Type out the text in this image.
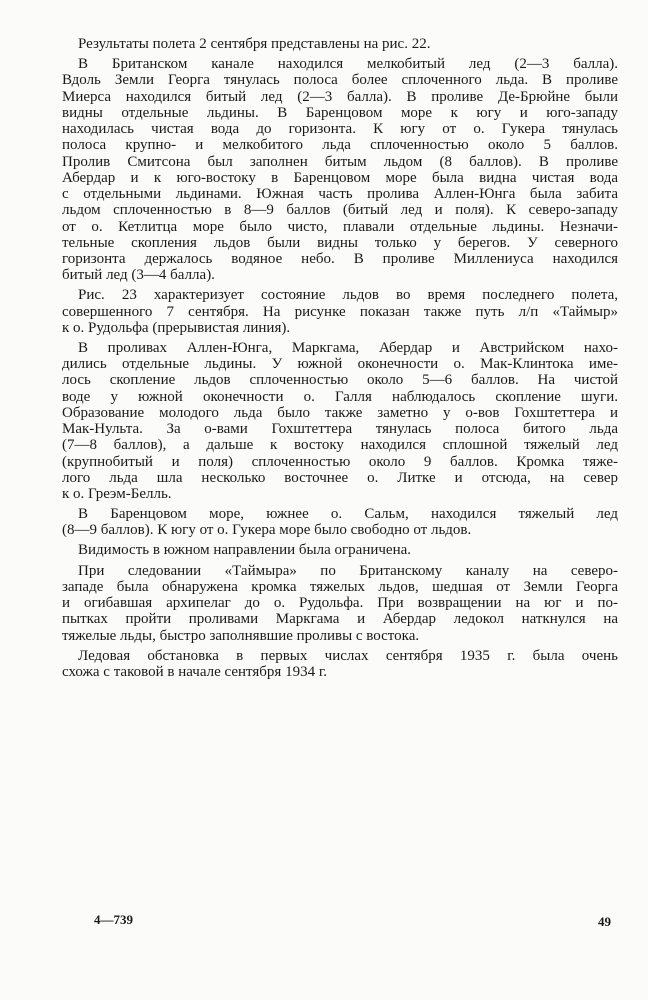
Результаты полета 2 сентября представлены на рис. 22.
В Британском канале находился мелкобитый лед (2—3 балла).
Вдоль Земли Георга тянулась полоса более сплоченного льда. В проливе
Миерса находился битый лед (2—3 балла). В проливе Де-Брюйне были
видны отдельные льдины. В Баренцовом море к югу и юго-западу
находилась чистая вода до горизонта. К югу от о. Гукера тянулась
полоса крупно- и мелкобитого льда сплоченностью около 5 баллов.
Пролив Смитсона был заполнен битым льдом (8 баллов). В проливе
Абердар и к юго-востоку в Баренцовом море была видна чистая вода
с отдельными льдинами. Южная часть пролива Аллен-Юнга была забита
льдом сплоченностью в 8—9 баллов (битый лед и поля). К северо-западу
от о. Кетлитца море было чисто, плавали отдельные льдины. Незначи-
тельные скопления льдов были видны только у берегов. У северного
горизонта держалось водяное небо. В проливе Миллениуса находился
битый лед (3—4 балла).
Рис. 23 характеризует состояние льдов во время последнего полета,
совершенного 7 сентября. На рисунке показан также путь л/п «Таймыр»
к о. Рудольфа (прерывистая линия).
В проливах Аллен-Юнга, Маркгама, Абердар и Австрийском нахо-
дились отдельные льдины. У южной оконечности о. Мак-Клинтока име-
лось скопление льдов сплоченностью около 5—6 баллов. На чистой
воде у южной оконечности о. Галля наблюдалось скопление шуги.
Образование молодого льда было также заметно у о-вов Гохштеттера и
Мак-Нульта. За о-вами Гохштеттера тянулась полоса битого льда
(7—8 баллов), а дальше к востоку находился сплошной тяжелый лед
(крупнобитый и поля) сплоченностью около 9 баллов. Кромка тяже-
лого льда шла несколько восточнее о. Литке и отсюда, на север
к о. Греэм-Белль.
В Баренцовом море, южнее о. Сальм, находился тяжелый лед
(8—9 баллов). К югу от о. Гукера море было свободно от льдов.
Видимость в южном направлении была ограничена.
При следовании «Таймыра» по Британскому каналу на северо-
западе была обнаружена кромка тяжелых льдов, шедшая от Земли Георга
и огибавшая архипелаг до о. Рудольфа. При возвращении на юг и по-
пытках пройти проливами Маркгама и Абердар ледокол наткнулся на
тяжелые льды, быстро заполнявшие проливы с востока.
Ледовая обстановка в первых числах сентября 1935 г. была очень
схожа с таковой в начале сентября 1934 г.
4—739	49
